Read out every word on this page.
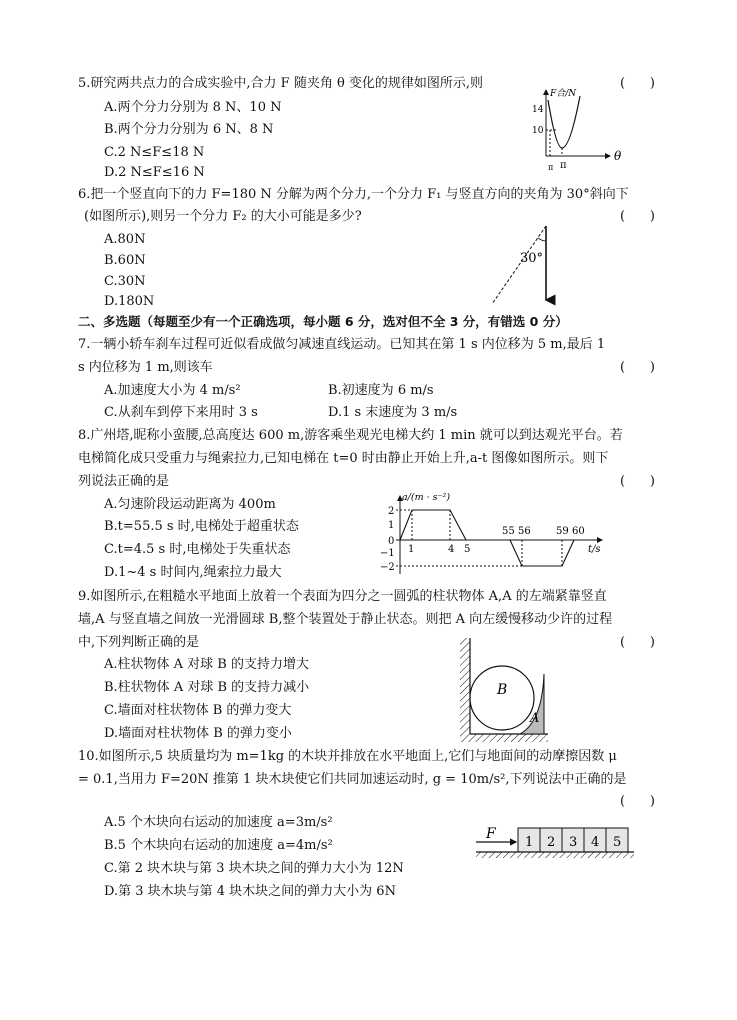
5.研究两共点力的合成实验中,合力 F 随夹角 θ 变化的规律如图所示,则	(      )
A.两个分力分别为 8 N、10 N
B.两个分力分别为 6 N、8 N
C.2 N≤F≤18 N
D.2 N≤F≤16 N
F合/N
14
10
π π
θ
6.把一个竖直向下的力 F=180 N 分解为两个分力,一个分力 F₁ 与竖直方向的夹角为 30°斜向下
(如图所示),则另一个分力 F₂ 的大小可能是多少?	(      )
A.80N
B.60N
C.30N
D.180N
30°
二、多选题（每题至少有一个正确选项，每小题 6 分，选对但不全 3 分，有错选 0 分）
7.一辆小轿车刹车过程可近似看成做匀减速直线运动。已知其在第 1 s 内位移为 5 m,最后 1
s 内位移为 1 m,则该车	(      )
A.加速度大小为 4 m/s²	B.初速度为 6 m/s
C.从刹车到停下来用时 3 s	D.1 s 末速度为 3 m/s
8.广州塔,昵称小蛮腰,总高度达 600 m,游客乘坐观光电梯大约 1 min 就可以到达观光平台。若
电梯简化成只受重力与绳索拉力,已知电梯在 t=0 时由静止开始上升,a-t 图像如图所示。则下
列说法正确的是	(      )
A.匀速阶段运动距离为 400m
B.t=55.5 s 时,电梯处于超重状态
C.t=4.5 s 时,电梯处于失重状态
D.1~4 s 时间内,绳索拉力最大
a/(m · s⁻²)
2
1
0
−1
−2
1	4 5
55 56	59 60
t/s
9.如图所示,在粗糙水平地面上放着一个表面为四分之一圆弧的柱状物体 A,A 的左端紧靠竖直
墙,A 与竖直墙之间放一光滑圆球 B,整个装置处于静止状态。则把 A 向左缓慢移动少许的过程
中,下列判断正确的是	(      )
A.柱状物体 A 对球 B 的支持力增大
B.柱状物体 A 对球 B 的支持力减小
C.墙面对柱状物体 B 的弹力变大
D.墙面对柱状物体 B 的弹力变小
B
A
10.如图所示,5 块质量均为 m=1kg 的木块并排放在水平地面上,它们与地面间的动摩擦因数 μ
= 0.1,当用力 F=20N 推第 1 块木块使它们共同加速运动时, g = 10m/s²,下列说法中正确的是
(      )
A.5 个木块向右运动的加速度 a=3m/s²
B.5 个木块向右运动的加速度 a=4m/s²
C.第 2 块木块与第 3 块木块之间的弹力大小为 12N
D.第 3 块木块与第 4 块木块之间的弹力大小为 6N
F
1 2 3 4 5
